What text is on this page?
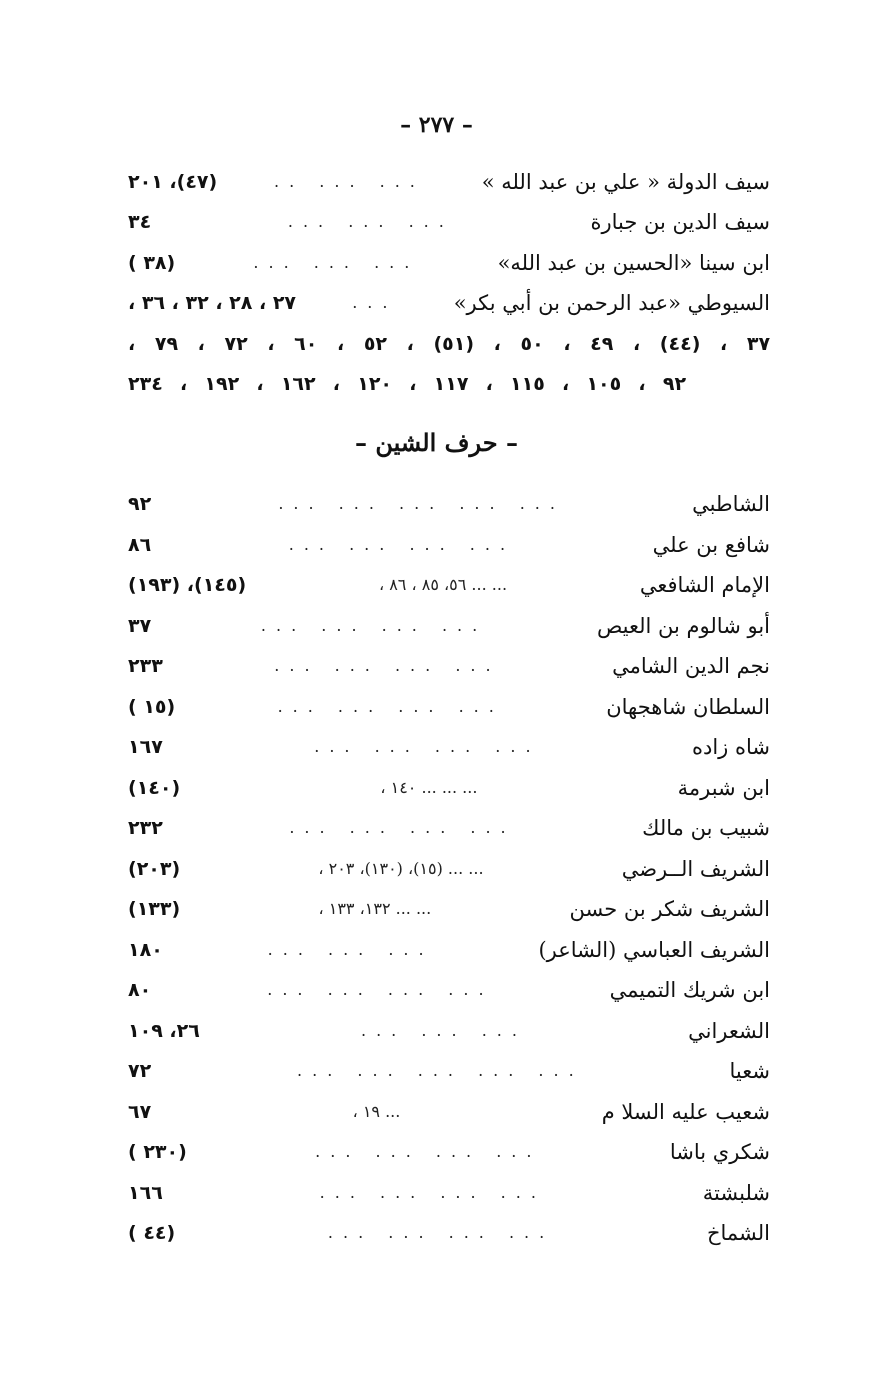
– ٢٧٧ –
سيف الدولة « علي بن عبد الله »
... ... ..
(٤٧)، ٢٠١
سيف الدين بن جبارة
... ... ...
٣٤
ابن سينا «الحسين بن عبد الله»
... ... ...
(٣٨ )
السيوطي «عبد الرحمن بن أبي بكر»
...
٢٧ ، ٢٨ ، ٣٢ ، ٣٦ ،
٣٧ ، (٤٤) ، ٤٩ ، ٥٠ ، (٥١) ، ٥٢ ، ٦٠ ، ٧٢ ، ٧٩ ،
٩٢ ، ١٠٥ ، ١١٥ ، ١١٧ ، ١٢٠ ، ١٦٢ ، ١٩٢ ، ٢٣٤
– حرف الشين –
الشاطبي
... ... ... ... ...
٩٢
شافع بن علي
... ... ... ...
٨٦
الإمام الشافعي
... ... ٥٦، ٨٥ ، ٨٦ ،
(١٤٥)، (١٩٣)
أبو شالوم بن العيص
... ... ... ...
٣٧
نجم الدين الشامي
... ... ... ...
٢٣٣
السلطان شاهجهان
... ... ... ...
(١٥ )
شاه زاده
... ... ... ...
١٦٧
ابن شبرمة
... ... ... ١٤٠ ،
(١٤٠)
شبيب بن مالك
... ... ... ...
٢٣٢
الشريف الــرضي
... ... (١٥)، (١٣٠)، ٢٠٣ ،
(٢٠٣)
الشريف شكر بن حسن
... ... ١٣٢، ١٣٣ ،
(١٣٣)
الشريف العباسي (الشاعر)
... ... ...
١٨٠
ابن شريك التميمي
... ... ... ...
٨٠
الشعراني
... ... ...
٢٦، ١٠٩
شعيا
... ... ... ... ...
٧٢
شعيب عليه السلا م
... ١٩ ،
٦٧
شكري باشا
... ... ... ...
(٢٣٠ )
شلبشتة
... ... ... ...
١٦٦
الشماخ
... ... ... ...
(٤٤ )
